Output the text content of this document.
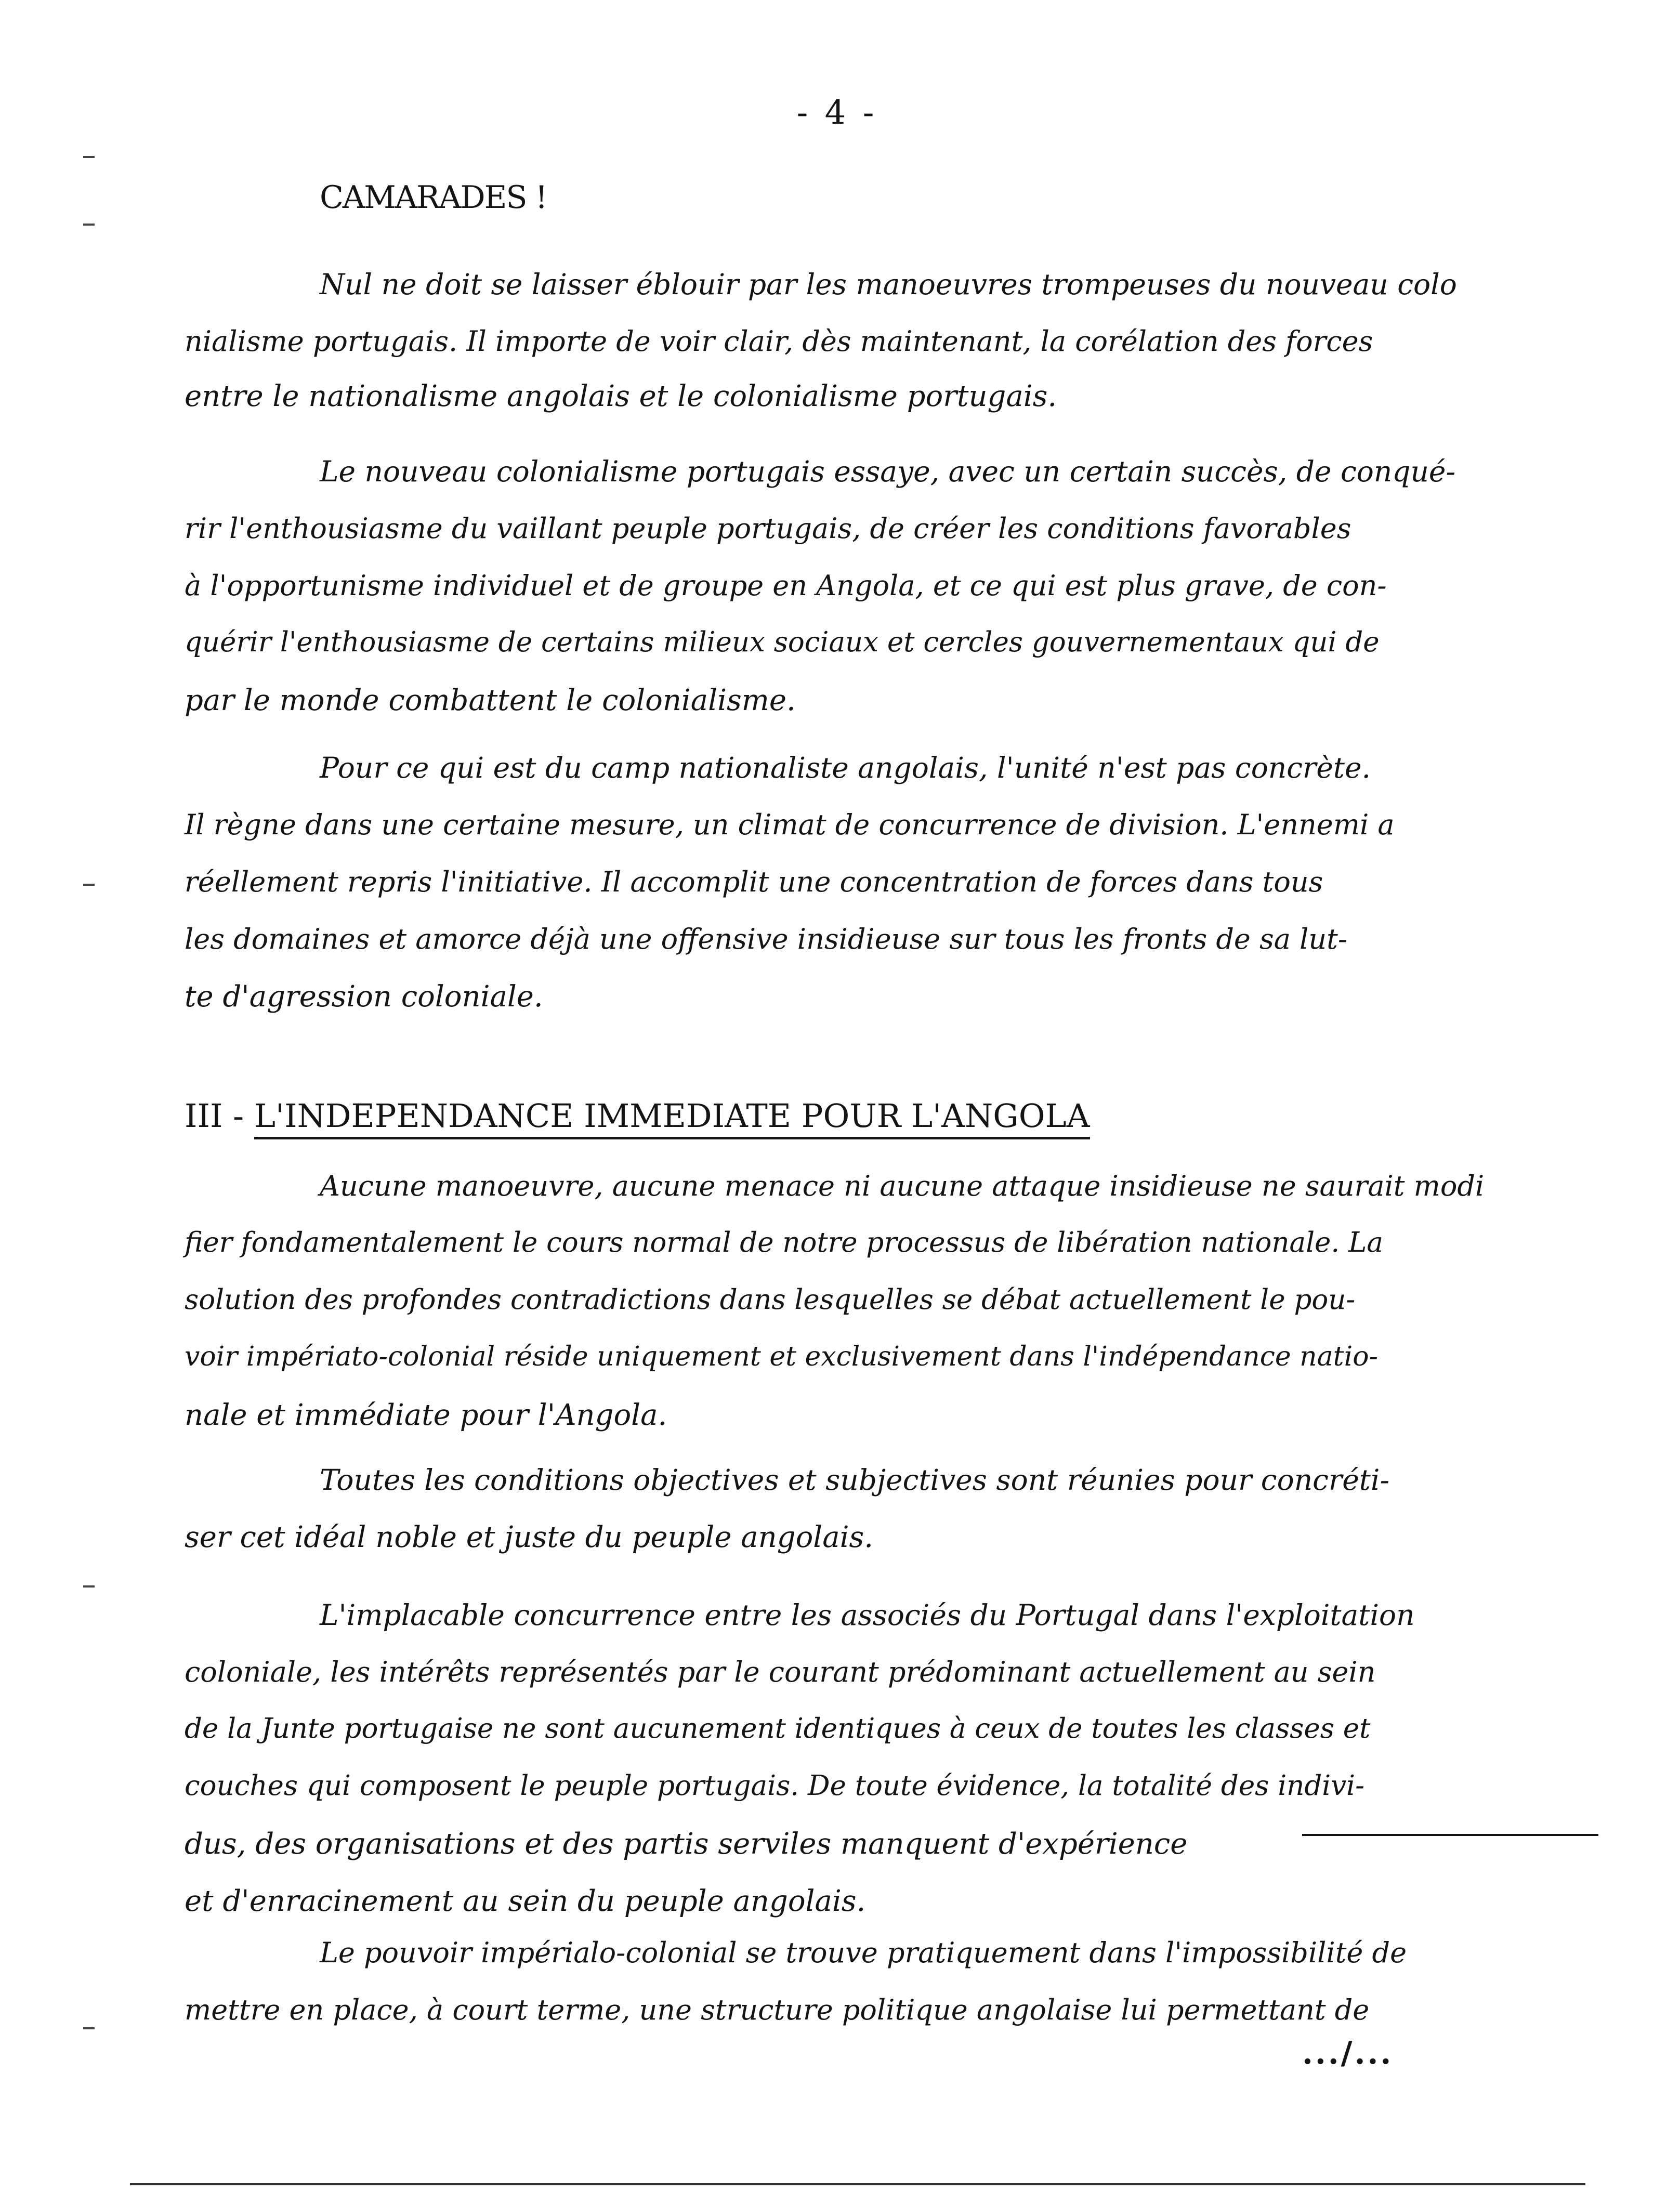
- 4 -
CAMARADES !
Nul ne doit se laisser éblouir par les manoeuvres trompeuses du nouveau colo
nialisme portugais. Il importe de voir clair, dès maintenant, la corélation des forces
entre le nationalisme angolais et le colonialisme portugais.
Le nouveau colonialisme portugais essaye, avec un certain succès, de conqué-
rir l'enthousiasme du vaillant peuple portugais, de créer les conditions favorables
à l'opportunisme individuel et de groupe en Angola, et ce qui est plus grave, de con-
quérir l'enthousiasme de certains milieux sociaux et cercles gouvernementaux qui de
par le monde combattent le colonialisme.
Pour ce qui est du camp nationaliste angolais, l'unité n'est pas concrète.
Il règne dans une certaine mesure, un climat de concurrence de division. L'ennemi a
réellement repris l'initiative. Il accomplit une concentration de forces dans tous
les domaines et amorce déjà une offensive insidieuse sur tous les fronts de sa lut-
te d'agression coloniale.
III - L'INDEPENDANCE IMMEDIATE POUR L'ANGOLA
Aucune manoeuvre, aucune menace ni aucune attaque insidieuse ne saurait modi
fier fondamentalement le cours normal de notre processus de libération nationale. La
solution des profondes contradictions dans lesquelles se débat actuellement le pou-
voir impériato-colonial réside uniquement et exclusivement dans l'indépendance natio-
nale et immédiate pour l'Angola.
Toutes les conditions objectives et subjectives sont réunies pour concréti-
ser cet idéal noble et juste du peuple angolais.
L'implacable concurrence entre les associés du Portugal dans l'exploitation
coloniale, les intérêts représentés par le courant prédominant actuellement au sein
de la Junte portugaise ne sont aucunement identiques à ceux de toutes les classes et
couches qui composent le peuple portugais. De toute évidence, la totalité des indivi-
dus, des organisations et des partis serviles manquent d'expérience
et d'enracinement au sein du peuple angolais.
Le pouvoir impérialo-colonial se trouve pratiquement dans l'impossibilité de
mettre en place, à court terme, une structure politique angolaise lui permettant de
.../...
